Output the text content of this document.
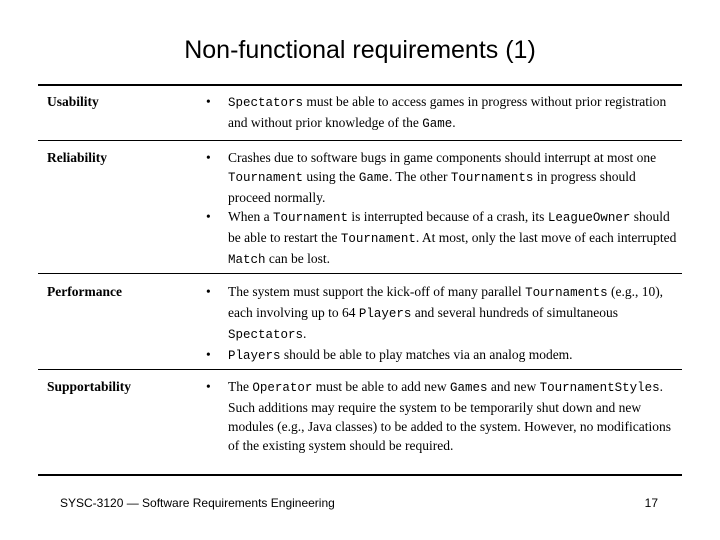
Non-functional requirements (1)
Usability	• Spectators must be able to access games in progress without prior registration and without prior knowledge of the Game.
Reliability	• Crashes due to software bugs in game components should interrupt at most one Tournament using the Game. The other Tournaments in progress should proceed normally.
• When a Tournament is interrupted because of a crash, its LeagueOwner should be able to restart the Tournament. At most, only the last move of each interrupted Match can be lost.
Performance	• The system must support the kick-off of many parallel Tournaments (e.g., 10), each involving up to 64 Players and several hundreds of simultaneous Spectators.
• Players should be able to play matches via an analog modem.
Supportability	• The Operator must be able to add new Games and new TournamentStyles. Such additions may require the system to be temporarily shut down and new modules (e.g., Java classes) to be added to the system. However, no modifications of the existing system should be required.
SYSC-3120 — Software Requirements Engineering	17
